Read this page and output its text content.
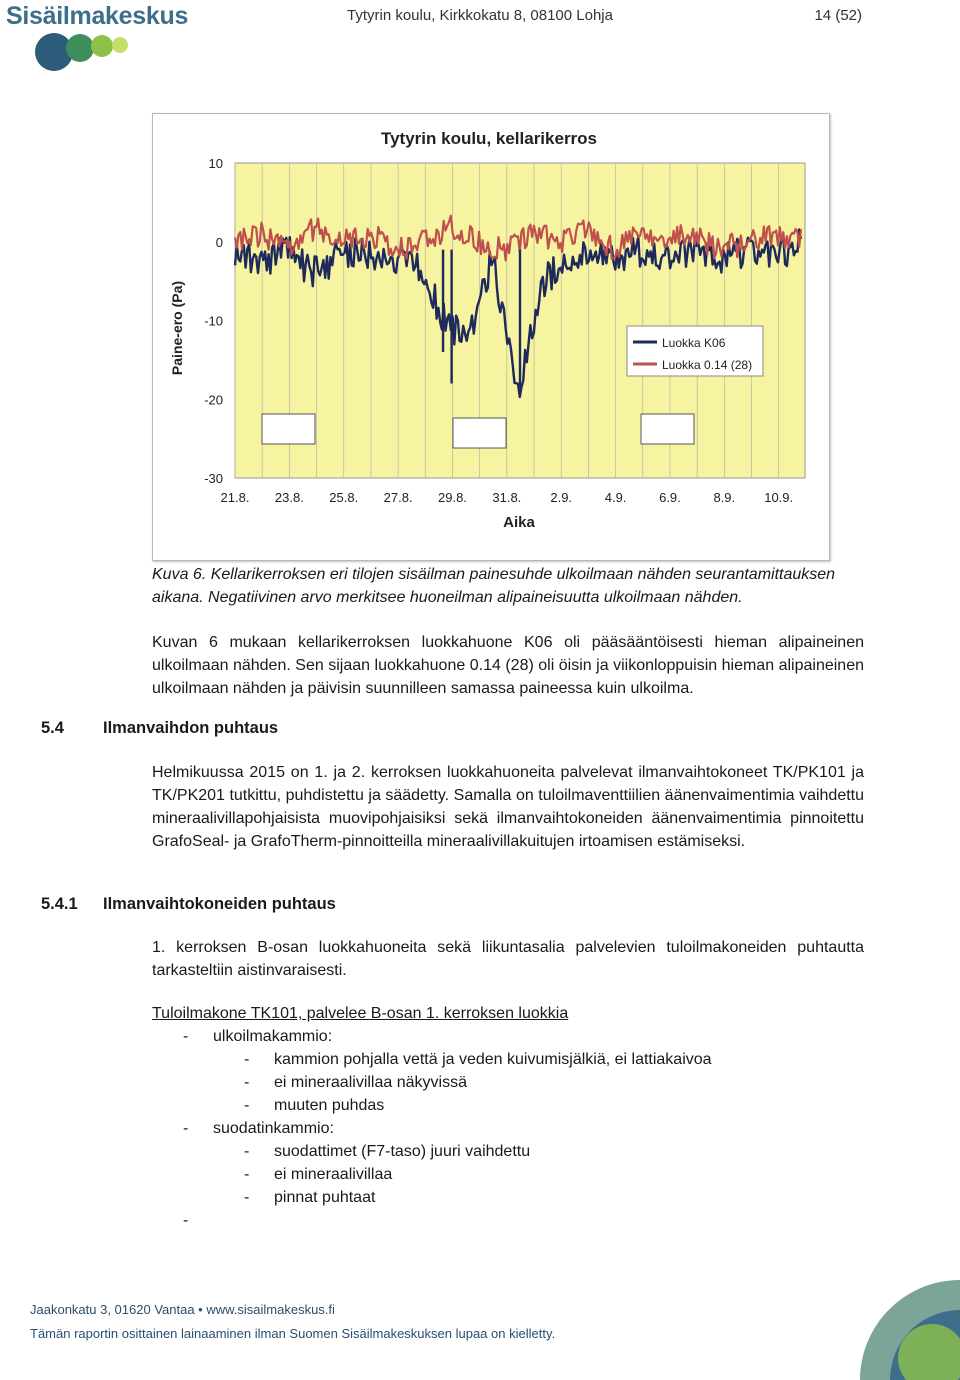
Sisäilmakeskus	Tytyrin koulu, Kirkkokatu 8, 08100 Lohja	14 (52)
Tytyrin koulu, kellarikerros
Paine-ero (Pa)
Aika
10
0
-10
-20
-30
21.8. 23.8. 25.8. 27.8. 29.8. 31.8. 2.9.	4.9.	6.9.	8.9. 10.9.
Luokka K06
Luokka 0.14 (28)
Kuva 6. Kellarikerroksen eri tilojen sisäilman painesuhde ulkoilmaan nähden seurantamittauksen aikana. Negatiivinen arvo merkitsee huoneilman alipaineisuutta ulkoilmaan nähden.
Kuvan 6 mukaan kellarikerroksen luokkahuone K06 oli pääsääntöisesti hieman alipaineinen ulkoilmaan nähden. Sen sijaan luokkahuone 0.14 (28) oli öisin ja viikonloppuisin hieman alipaineinen ulkoilmaan nähden ja päivisin suunnilleen samassa paineessa kuin ulkoilma.
5.4 Ilmanvaihdon puhtaus
Helmikuussa 2015 on 1. ja 2. kerroksen luokkahuoneita palvelevat ilmanvaihtokoneet TK/PK101 ja TK/PK201 tutkittu, puhdistettu ja säädetty. Samalla on tuloilmaventtiilien äänenvaimentimia vaihdettu mineraalivillapohjaisista muovipohjaisiksi sekä ilmanvaihtokoneiden äänenvaimentimia pinnoitettu GrafoSeal- ja GrafoTherm-pinnoitteilla mineraalivillakuitujen irtoamisen estämiseksi.
5.4.1 Ilmanvaihtokoneiden puhtaus
1. kerroksen B-osan luokkahuoneita sekä liikuntasalia palvelevien tuloilmakoneiden puhtautta tarkasteltiin aistinvaraisesti.
Tuloilmakone TK101, palvelee B-osan 1. kerroksen luokkia
- ulkoilmakammio:
- kammion pohjalla vettä ja veden kuivumisjälkiä, ei lattiakaivoa
- ei mineraalivillaa näkyvissä
- muuten puhdas
- suodatinkammio:
- suodattimet (F7-taso) juuri vaihdettu
- ei mineraalivillaa
- pinnat puhtaat
-
Jaakonkatu 3, 01620 Vantaa • www.sisailmakeskus.fi
Tämän raportin osittainen lainaaminen ilman Suomen Sisäilmakeskuksen lupaa on kielletty.
